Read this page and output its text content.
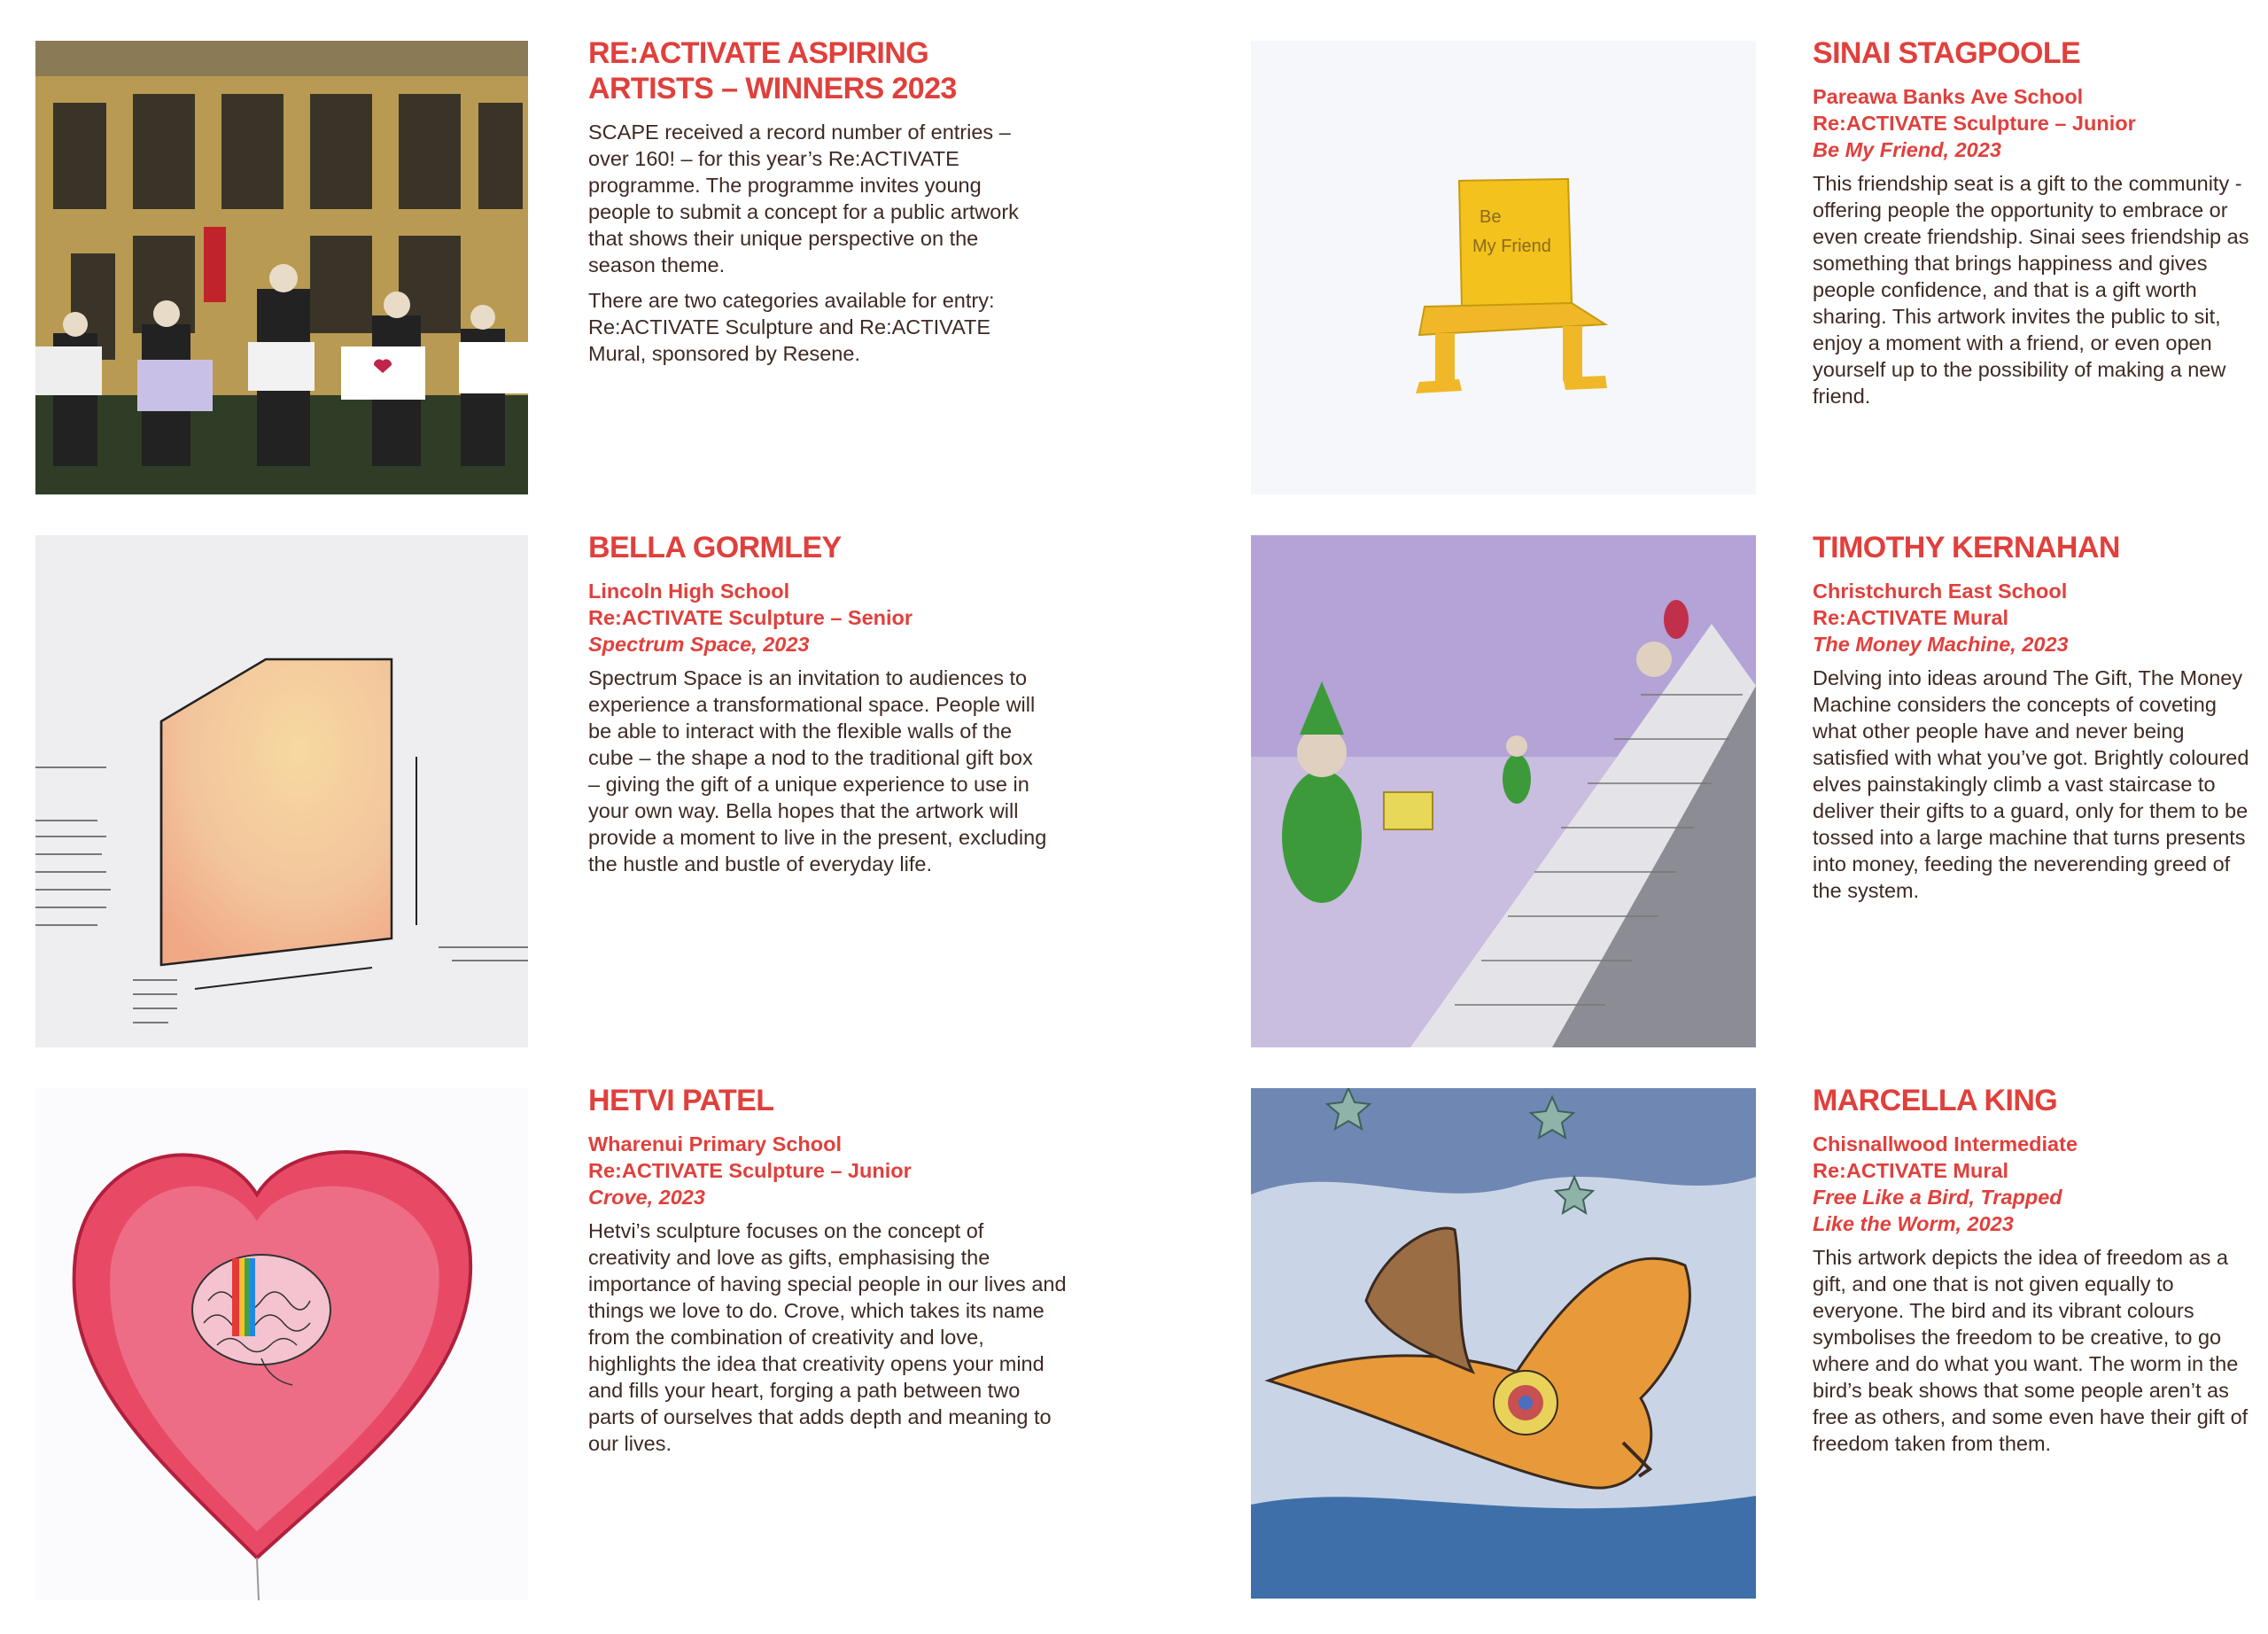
RE:ACTIVATE ASPIRING ARTISTS – WINNERS 2023

SCAPE received a record number of entries – over 160! – for this year’s Re:ACTIVATE programme. The programme invites young people to submit a concept for a public artwork that shows their unique perspective on the season theme.

There are two categories available for entry: Re:ACTIVATE Sculpture and Re:ACTIVATE Mural, sponsored by Resene.

Be
My Friend
SINAI STAGPOOLE
Pareawa Banks Ave School
Re:ACTIVATE Sculpture – Junior
Be My Friend, 2023
This friendship seat is a gift to the community - offering people the opportunity to embrace or even create friendship. Sinai sees friendship as something that brings happiness and gives people confidence, and that is a gift worth sharing. This artwork invites the public to sit, enjoy a moment with a friend, or even open yourself up to the possibility of making a new friend.
BELLA GORMLEY
Lincoln High School
Re:ACTIVATE Sculpture – Senior
Spectrum Space, 2023
Spectrum Space is an invitation to audiences to experience a transformational space. People will be able to interact with the flexible walls of the cube – the shape a nod to the traditional gift box – giving the gift of a unique experience to use in your own way. Bella hopes that the artwork will provide a moment to live in the present, excluding the hustle and bustle of everyday life.
TIMOTHY KERNAHAN
Christchurch East School
Re:ACTIVATE Mural
The Money Machine, 2023
Delving into ideas around The Gift, The Money Machine considers the concepts of coveting what other people have and never being satisfied with what you’ve got. Brightly coloured elves painstakingly climb a vast staircase to deliver their gifts to a guard, only for them to be tossed into a large machine that turns presents into money, feeding the neverending greed of the system.
HETVI PATEL
Wharenui Primary School
Re:ACTIVATE Sculpture – Junior
Crove, 2023
Hetvi’s sculpture focuses on the concept of creativity and love as gifts, emphasising the importance of having special people in our lives and things we love to do. Crove, which takes its name from the combination of creativity and love, highlights the idea that creativity opens your mind and fills your heart, forging a path between two parts of ourselves that adds depth and meaning to our lives.
MARCELLA KING
Chisnallwood Intermediate
Re:ACTIVATE Mural
Free Like a Bird, Trapped Like the Worm, 2023
This artwork depicts the idea of freedom as a gift, and one that is not given equally to everyone. The bird and its vibrant colours symbolises the freedom to be creative, to go where and do what you want. The worm in the bird’s beak shows that some people aren’t as free as others, and some even have their gift of freedom taken from them.
